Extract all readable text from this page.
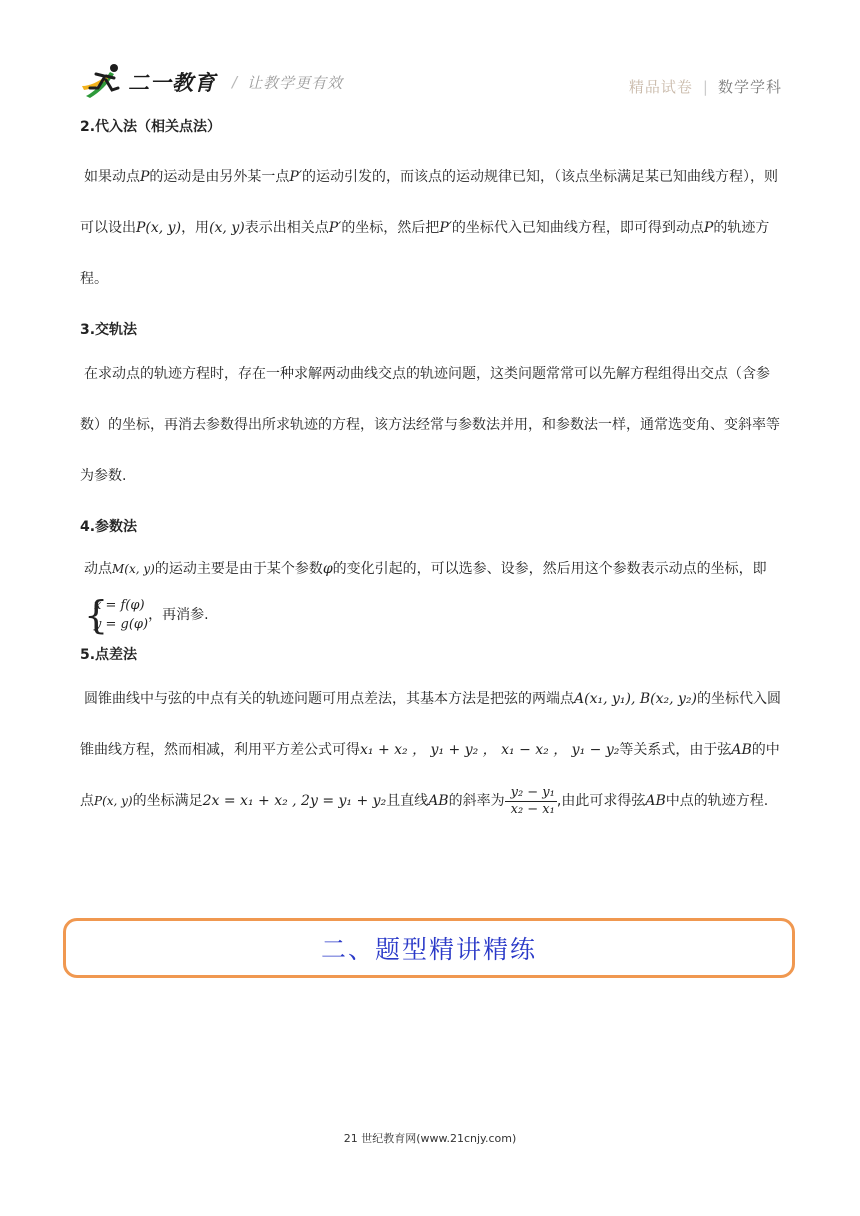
二一教育 / 让教学更有效	精品试卷 | 数学学科

2.代入法（相关点法）

如果动点P的运动是由另外某一点P′的运动引发的，而该点的运动规律已知，（该点坐标满足某已知曲线方程），则可以设出P(x, y)，用(x, y)表示出相关点P′的坐标，然后把P′的坐标代入已知曲线方程，即可得到动点P的轨迹方程。

3.交轨法

在求动点的轨迹方程时，存在一种求解两动曲线交点的轨迹问题，这类问题常常可以先解方程组得出交点（含参数）的坐标，再消去参数得出所求轨迹的方程，该方法经常与参数法并用，和参数法一样，通常选变角、变斜率等为参数.

4.参数法

动点M(x, y)的运动主要是由于某个参数φ的变化引起的，可以选参、设参，然后用这个参数表示动点的坐标，即
{
x = f(φ)
y = g(φ)
，再消参.

5.点差法

圆锥曲线中与弦的中点有关的轨迹问题可用点差法，其基本方法是把弦的两端点A(x₁, y₁), B(x₂, y₂)的坐标代入圆锥曲线方程，然而相减，利用平方差公式可得x₁ + x₂ ， y₁ + y₂ ， x₁ − x₂ ， y₁ − y₂等关系式，由于弦AB的中点P(x, y)的坐标满足2x = x₁ + x₂ , 2y = y₁ + y₂且直线AB的斜率为 $\frac{\text{y₂ − y₁}}{\text{x₂ − x₁}}$ ,由此可求得弦AB中点的轨迹方程.

二、题型精讲精练
21 世纪教育网(www.21cnjy.com)
